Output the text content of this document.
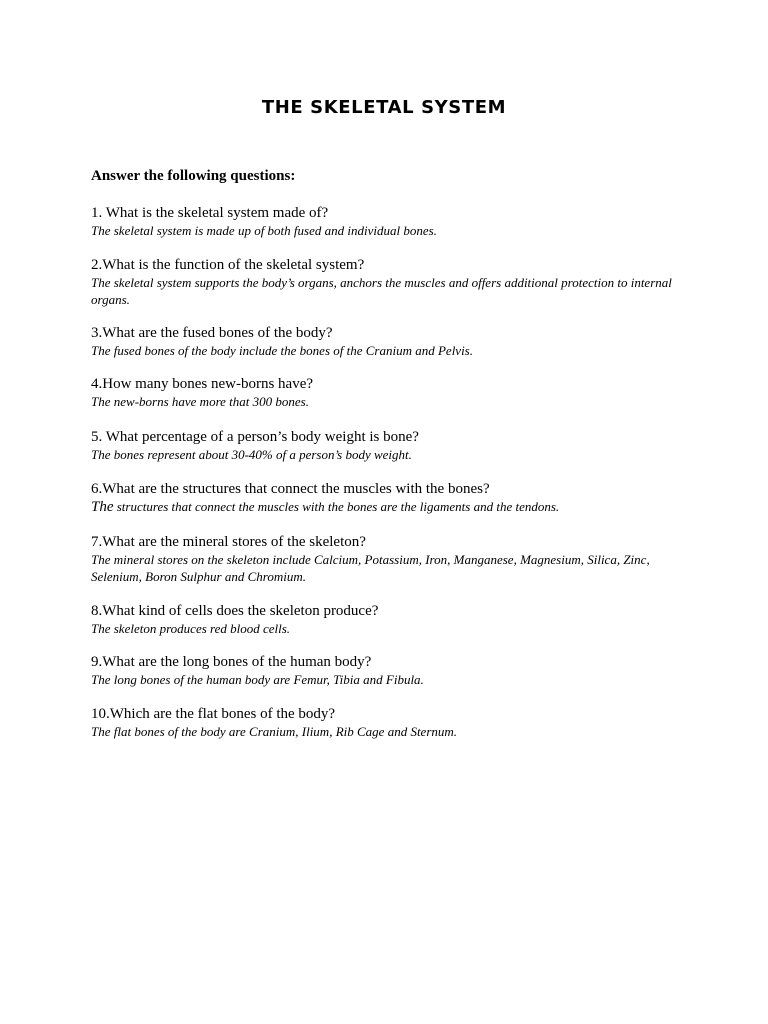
THE SKELETAL SYSTEM
Answer the following questions:
1. What is the skeletal system made of?
The skeletal system is made up of both fused and individual bones.
2.What is the function of the skeletal system?
The skeletal system supports the body’s organs, anchors the muscles and offers additional protection to internal organs.
3.What are the fused bones of the body?
The fused bones of the body include the bones of the Cranium and Pelvis.
4.How many bones new-borns have?
The new-borns have more that 300 bones.
5. What percentage of a person’s body weight is bone?
The bones represent about 30-40% of a person’s body weight.
6.What are the structures that connect the muscles with the bones?
The structures that connect the muscles with the bones are the ligaments and the tendons.
7.What are the mineral stores of the skeleton?
The mineral stores on the skeleton include Calcium, Potassium, Iron, Manganese, Magnesium, Silica, Zinc, Selenium, Boron Sulphur and Chromium.
8.What kind of cells does the skeleton produce?
The skeleton produces red blood cells.
9.What are the long bones of the human body?
The long bones of the human body are Femur, Tibia and Fibula.
10.Which are the flat bones of the body?
The flat bones of the body are Cranium, Ilium, Rib Cage and Sternum.
